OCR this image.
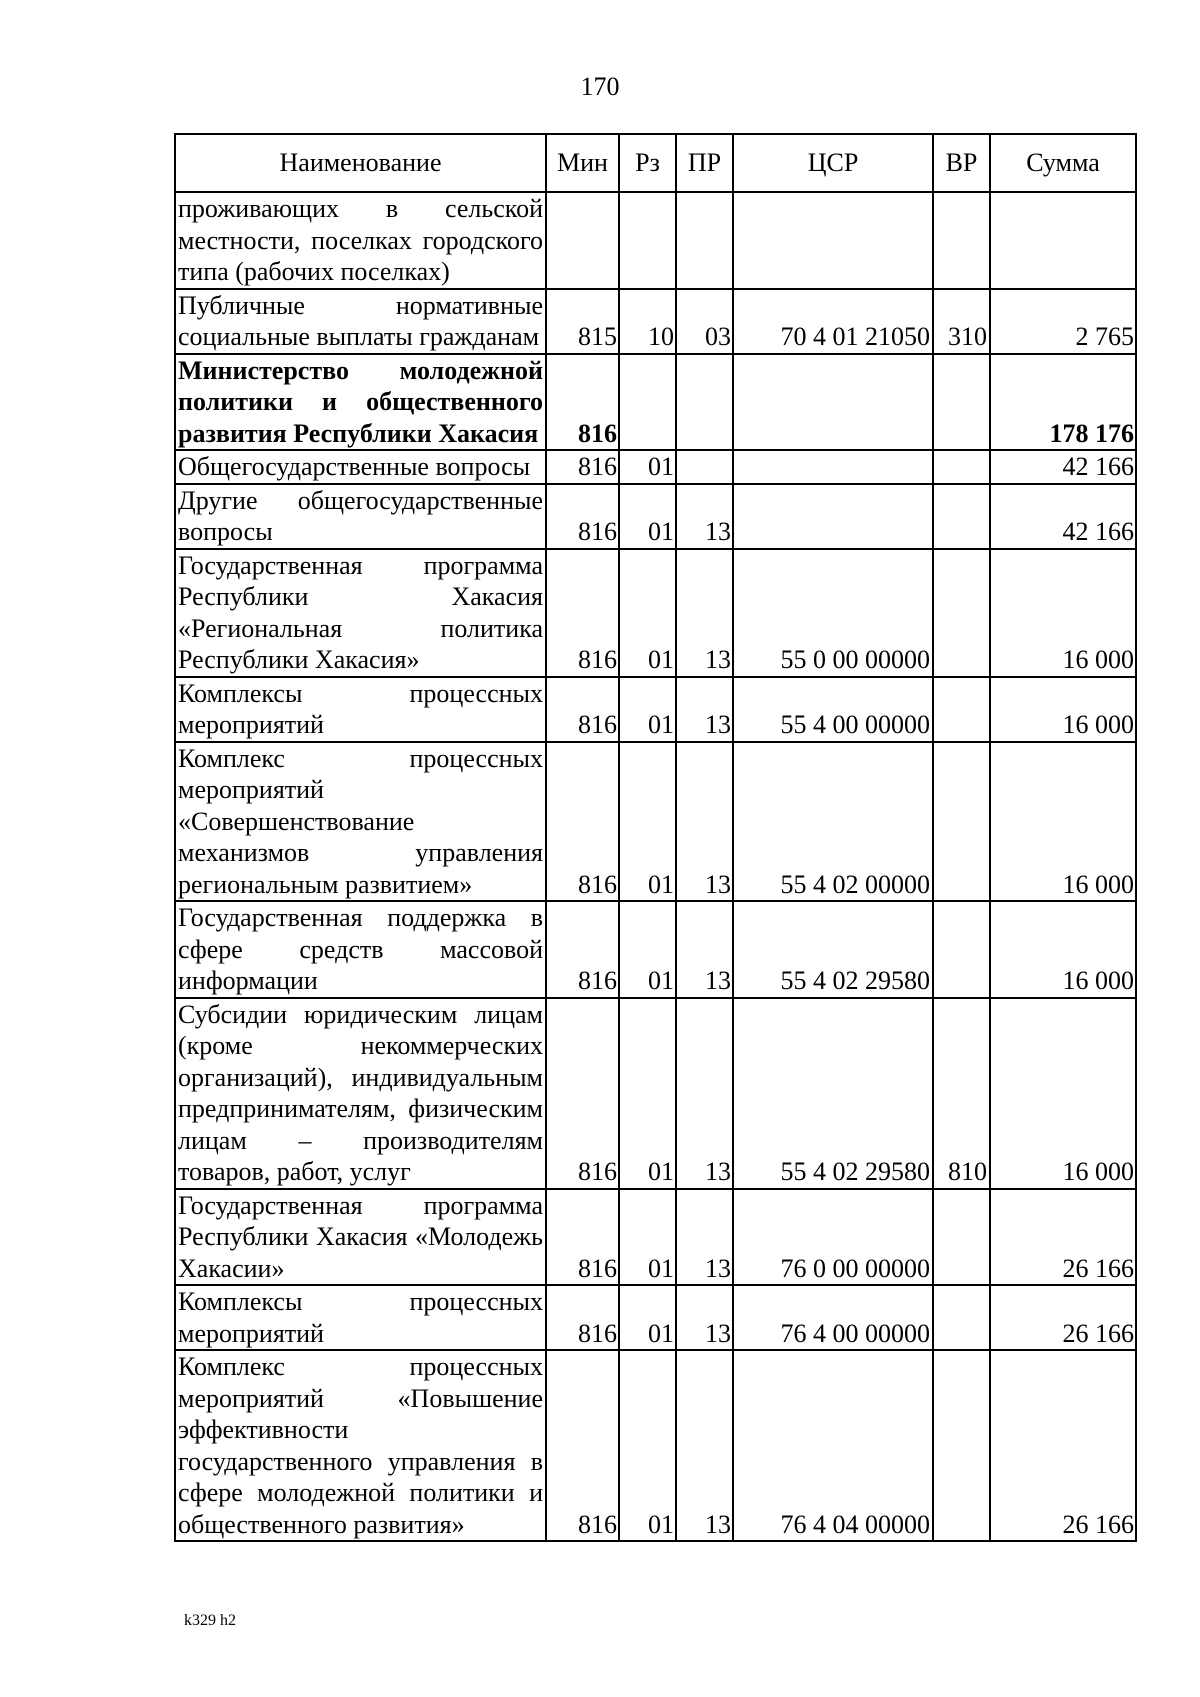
170
Наименование	Мин	Рз	ПР	ЦСР	ВР	Сумма
проживающих в сельской местности, поселках городского типа (рабочих поселках)						
Публичные нормативные социальные выплаты гражданам	815	10	03	70 4 01 21050	310	2 765
Министерство молодежной политики и общественного развития Республики Хакасия	816					178 176
Общегосударственные вопросы	816	01				42 166
Другие общегосударственные вопросы	816	01	13			42 166
Государственная программа Республики Хакасия «Региональная политика Республики Хакасия»	816	01	13	55 0 00 00000		16 000
Комплексы процессных мероприятий	816	01	13	55 4 00 00000		16 000
Комплекс процессных мероприятий «Совершенствование механизмов управления региональным развитием»	816	01	13	55 4 02 00000		16 000
Государственная поддержка в сфере средств массовой информации	816	01	13	55 4 02 29580		16 000
Субсидии юридическим лицам (кроме некоммерческих организаций), индивидуальным предпринимателям, физическим лицам – производителям товаров, работ, услуг	816	01	13	55 4 02 29580	810	16 000
Государственная программа Республики Хакасия «Молодежь Хакасии»	816	01	13	76 0 00 00000		26 166
Комплексы процессных мероприятий	816	01	13	76 4 00 00000		26 166
Комплекс процессных мероприятий «Повышение эффективности государственного управления в сфере молодежной политики и общественного развития»	816	01	13	76 4 04 00000		26 166
k329 h2
